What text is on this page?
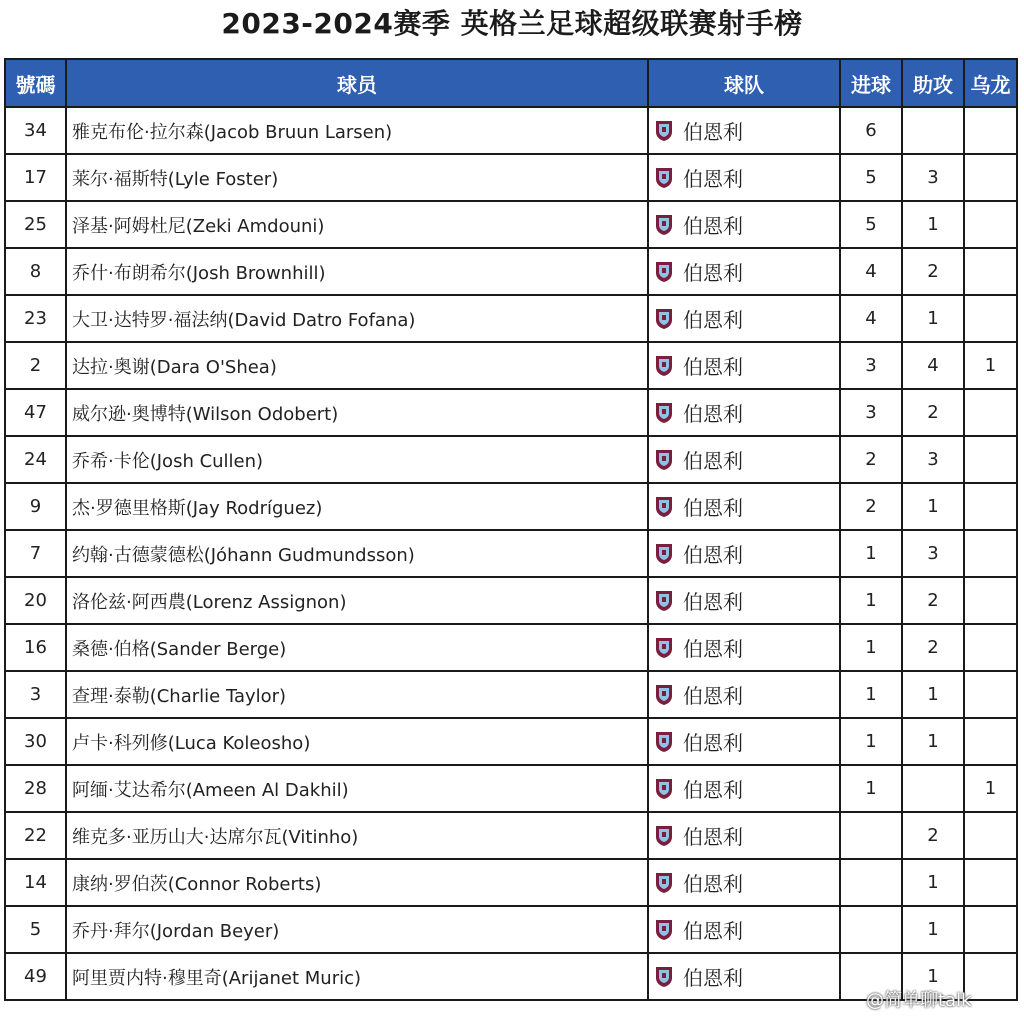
2023-2024赛季 英格兰足球超级联赛射手榜
號碼	球员	球队	进球	助攻	乌龙
34	雅克布伦·拉尔森(Jacob Bruun Larsen)	伯恩利	6		
17	莱尔·福斯特(Lyle Foster)	伯恩利	5	3	
25	泽基·阿姆杜尼(Zeki Amdouni)	伯恩利	5	1	
8	乔什·布朗希尔(Josh Brownhill)	伯恩利	4	2	
23	大卫·达特罗·福法纳(David Datro Fofana)	伯恩利	4	1	
2	达拉·奥谢(Dara O'Shea)	伯恩利	3	4	1
47	威尔逊·奥博特(Wilson Odobert)	伯恩利	3	2	
24	乔希·卡伦(Josh Cullen)	伯恩利	2	3	
9	杰·罗德里格斯(Jay Rodríguez)	伯恩利	2	1	
7	约翰·古德蒙德松(Jóhann Gudmundsson)	伯恩利	1	3	
20	洛伦兹·阿西農(Lorenz Assignon)	伯恩利	1	2	
16	桑德·伯格(Sander Berge)	伯恩利	1	2	
3	查理·泰勒(Charlie Taylor)	伯恩利	1	1	
30	卢卡·科列修(Luca Koleosho)	伯恩利	1	1	
28	阿缅·艾达希尔(Ameen Al Dakhil)	伯恩利	1		1
22	维克多·亚历山大·达席尔瓦(Vitinho)	伯恩利		2	
14	康纳·罗伯茨(Connor Roberts)	伯恩利		1	
5	乔丹·拜尔(Jordan Beyer)	伯恩利		1	
49	阿里贾内特·穆里奇(Arijanet Muric)	伯恩利		1	
@简单聊talk
